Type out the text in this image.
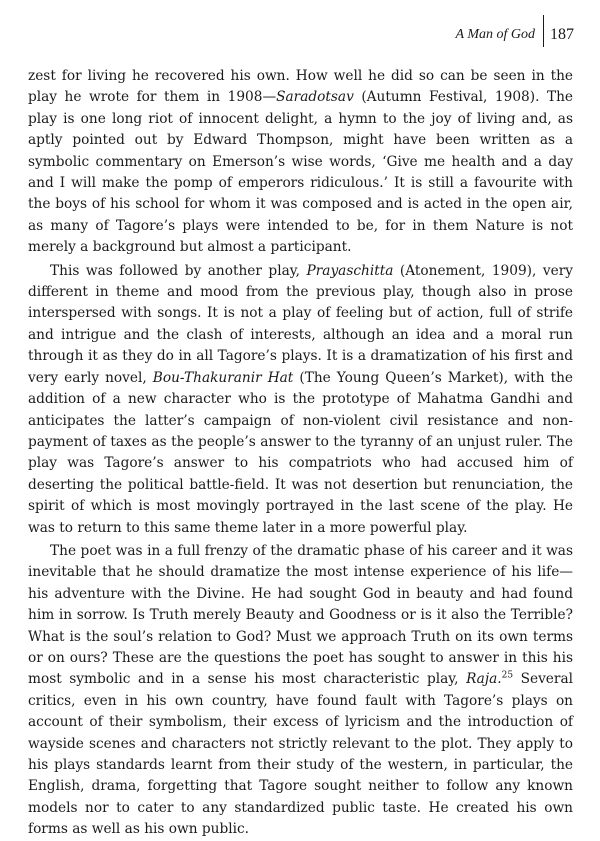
A Man of God 187

zest for living he recovered his own. How well he did so can be seen in the play he wrote for them in 1908—Saradotsav (Autumn Festival, 1908). The play is one long riot of innocent delight, a hymn to the joy of living and, as aptly pointed out by Edward Thompson, might have been written as a symbolic commentary on Emerson’s wise words, ‘Give me health and a day and I will make the pomp of emperors ridiculous.’ It is still a favourite with the boys of his school for whom it was composed and is acted in the open air, as many of Tagore’s plays were intended to be, for in them Nature is not merely a background but almost a participant.

This was followed by another play, Prayaschitta (Atonement, 1909), very different in theme and mood from the previous play, though also in prose interspersed with songs. It is not a play of feeling but of action, full of strife and intrigue and the clash of interests, although an idea and a moral run through it as they do in all Tagore’s plays. It is a dramatization of his first and very early novel, Bou-Thakuranir Hat (The Young Queen’s Market), with the addition of a new character who is the prototype of Mahatma Gandhi and anticipates the latter’s campaign of non-violent civil resistance and non-payment of taxes as the people’s answer to the tyranny of an unjust ruler. The play was Tagore’s answer to his compatriots who had accused him of deserting the political battle-field. It was not desertion but renunciation, the spirit of which is most movingly portrayed in the last scene of the play. He was to return to this same theme later in a more powerful play.

The poet was in a full frenzy of the dramatic phase of his career and it was inevitable that he should dramatize the most intense experience of his life—his adventure with the Divine. He had sought God in beauty and had found him in sorrow. Is Truth merely Beauty and Goodness or is it also the Terrible? What is the soul’s relation to God? Must we approach Truth on its own terms or on ours? These are the questions the poet has sought to answer in this his most symbolic and in a sense his most characteristic play, Raja.$^{25}$ Several critics, even in his own country, have found fault with Tagore’s plays on account of their symbolism, their excess of lyricism and the introduction of wayside scenes and characters not strictly relevant to the plot. They apply to his plays standards learnt from their study of the western, in particular, the English, drama, forgetting that Tagore sought neither to follow any known models nor to cater to any standardized public taste. He created his own forms as well as his own public.
